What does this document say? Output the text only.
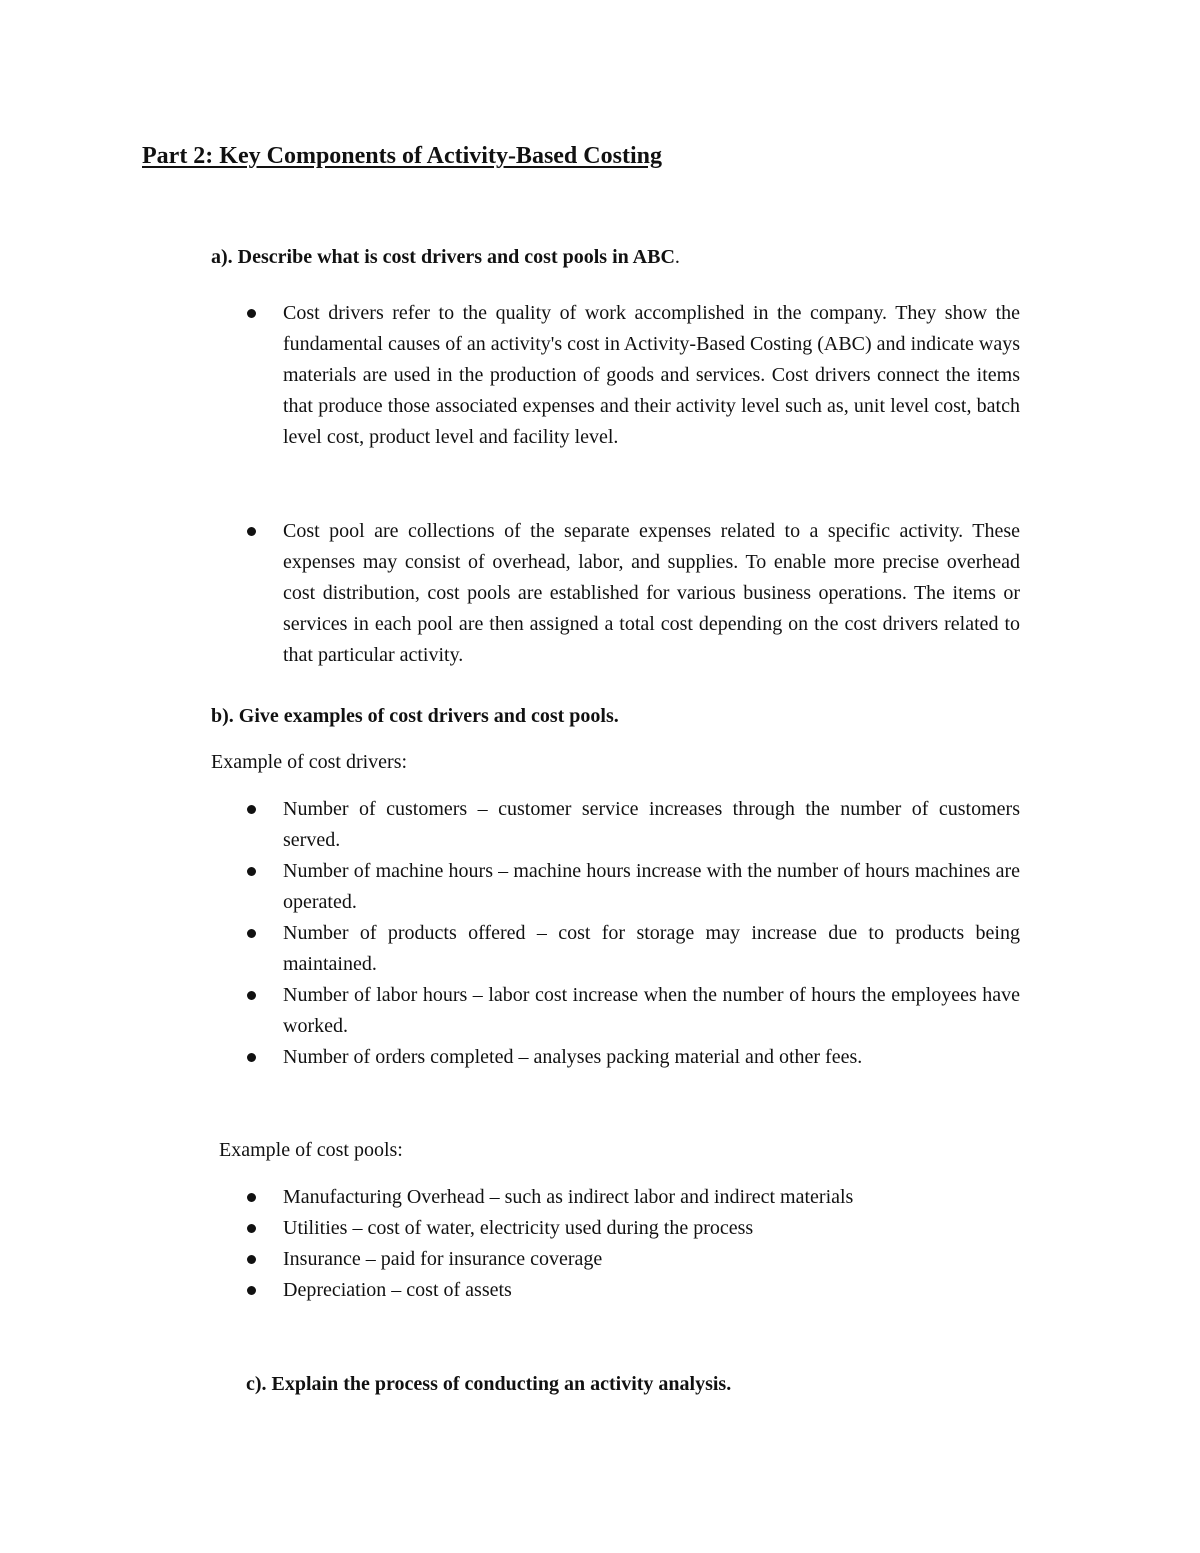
Part 2: Key Components of Activity-Based Costing

a). Describe what is cost drivers and cost pools in ABC.

Cost drivers refer to the quality of work accomplished in the company. They show the fundamental causes of an activity's cost in Activity-Based Costing (ABC) and indicate ways materials are used in the production of goods and services. Cost drivers connect the items that produce those associated expenses and their activity level such as, unit level cost, batch level cost, product level and facility level.
Cost pool are collections of the separate expenses related to a specific activity. These expenses may consist of overhead, labor, and supplies. To enable more precise overhead cost distribution, cost pools are established for various business operations. The items or services in each pool are then assigned a total cost depending on the cost drivers related to that particular activity.

b). Give examples of cost drivers and cost pools.

Example of cost drivers:

Number of customers – customer service increases through the number of customers served.
Number of machine hours – machine hours increase with the number of hours machines are operated.
Number of products offered – cost for storage may increase due to products being maintained.
Number of labor hours – labor cost increase when the number of hours the employees have worked.
Number of orders completed – analyses packing material and other fees.

Example of cost pools:

Manufacturing Overhead – such as indirect labor and indirect materials
Utilities – cost of water, electricity used during the process
Insurance – paid for insurance coverage
Depreciation – cost of assets

c). Explain the process of conducting an activity analysis.
